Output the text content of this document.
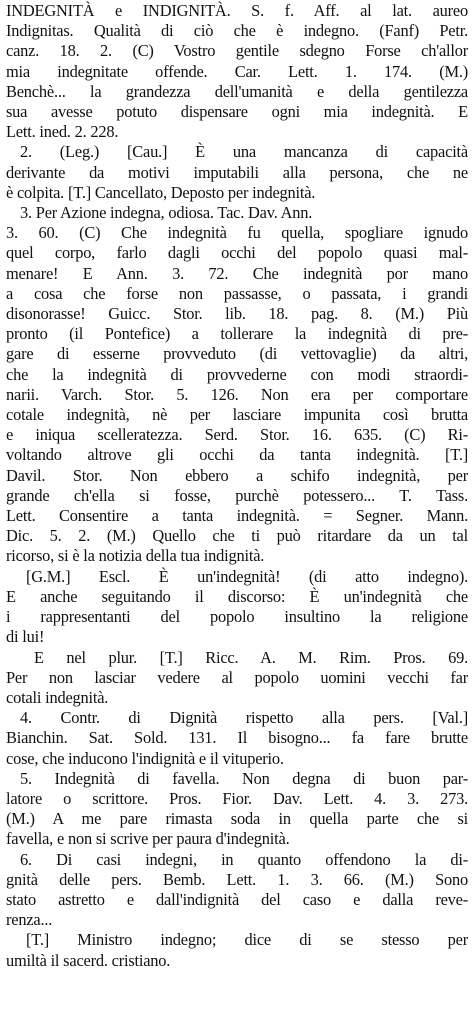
INDEGNITÀ e INDIGNITÀ. S. f. Aff. al lat. aureo
Indignitas. Qualità di ciò che è indegno. (Fanf) Petr.
canz. 18. 2. (C) Vostro gentile sdegno Forse ch'allor
mia indegnitate offende. Car. Lett. 1. 174. (M.)
Benchè... la grandezza dell'umanità e della gentilezza
sua avesse potuto dispensare ogni mia indegnità. E
Lett. ined. 2. 228.
2. (Leg.) [Cau.] È una mancanza di capacità
derivante da motivi imputabili alla persona, che ne
è colpita. [T.] Cancellato, Deposto per indegnità.
3. Per Azione indegna, odiosa. Tac. Dav. Ann.
3. 60. (C) Che indegnità fu quella, spogliare ignudo
quel corpo, farlo dagli occhi del popolo quasi mal-
menare! E Ann. 3. 72. Che indegnità por mano
a cosa che forse non passasse, o passata, i grandi
disonorasse! Guicc. Stor. lib. 18. pag. 8. (M.) Più
pronto (il Pontefice) a tollerare la indegnità di pre-
gare di esserne provveduto (di vettovaglie) da altri,
che la indegnità di provvederne con modi straordi-
narii. Varch. Stor. 5. 126. Non era per comportare
cotale indegnità, nè per lasciare impunita così brutta
e iniqua scelleratezza. Serd. Stor. 16. 635. (C) Ri-
voltando altrove gli occhi da tanta indegnità. [T.]
Davil. Stor. Non ebbero a schifo indegnità, per
grande ch'ella si fosse, purchè potessero... T. Tass.
Lett. Consentire a tanta indegnità. = Segner. Mann.
Dic. 5. 2. (M.) Quello che ti può ritardare da un tal
ricorso, si è la notizia della tua indignità.
[G.M.] Escl. È un'indegnità! (di atto indegno).
E anche seguitando il discorso: È un'indegnità che
i rappresentanti del popolo insultino la religione
di lui!
E nel plur. [T.] Ricc. A. M. Rim. Pros. 69.
Per non lasciar vedere al popolo uomini vecchi far
cotali indegnità.
4. Contr. di Dignità rispetto alla pers. [Val.]
Bianchin. Sat. Sold. 131. Il bisogno... fa fare brutte
cose, che inducono l'indignità e il vituperio.
5. Indegnità di favella. Non degna di buon par-
latore o scrittore. Pros. Fior. Dav. Lett. 4. 3. 273.
(M.) A me pare rimasta soda in quella parte che si
favella, e non si scrive per paura d'indegnità.
6. Di casi indegni, in quanto offendono la di-
gnità delle pers. Bemb. Lett. 1. 3. 66. (M.) Sono
stato astretto e dall'indignità del caso e dalla reve-
renza...
[T.] Ministro indegno; dice di se stesso per
umiltà il sacerd. cristiano.
